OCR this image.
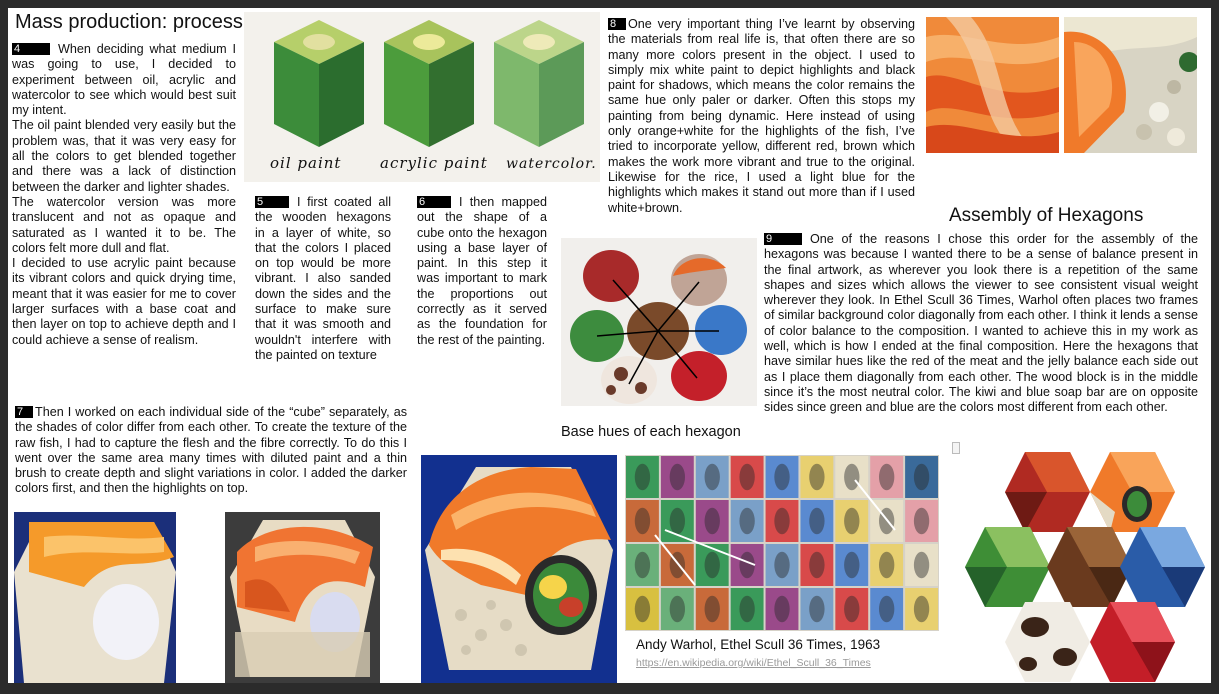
Mass production: process

4	When deciding what medium I was going to use, I decided to experiment between oil, acrylic and watercolor to see which would best suit my intent.

The oil paint blended very easily but the problem was, that it was very easy for all the colors to get blended together and there was a lack of distinction between the darker and lighter shades.

The watercolor version was more translucent and not as opaque and saturated as I wanted it to be. The colors felt more dull and flat.

I decided to use acrylic paint because its vibrant colors and quick drying time, meant that it was easier for me to cover larger surfaces with a base coat and then layer on top to achieve depth and I could achieve a sense of realism.

oil paint	acrylic paint watercolor.
5	I first coated all the wooden hexagons in a layer of white, so that the colors I placed on top would be more vibrant. I also sanded down the sides and the surface to make sure that it was smooth and wouldn't interfere with the painted on texture
6	I then mapped out the shape of a cube onto the hexagon using a base layer of paint. In this step it was important to mark the proportions out correctly as it served as the foundation for the rest of the painting.
8 One very important thing I’ve learnt by observing the materials from real life is, that often there are so many more colors present in the object. I used to simply mix white paint to depict highlights and black paint for shadows, which means the color remains the same hue only paler or darker. Often this stops my painting from being dynamic. Here instead of using only orange+white for the highlights of the fish, I’ve tried to incorporate yellow, different red, brown which makes the work more vibrant and true to the original. Likewise for the rice, I used a light blue for the highlights which makes it stand out more than if I used white+brown.	Assembly of Hexagons
Base hues of each hexagon
9	One of the reasons I chose this order for the assembly of the hexagons was because I wanted there to be a sense of balance present in the final artwork, as wherever you look there is a repetition of the same shapes and sizes which allows the viewer to see consistent visual weight wherever they look. In Ethel Scull 36 Times, Warhol often places two frames of similar background color diagonally from each other. I think it lends a sense of color balance to the composition. I wanted to achieve this in my work as well, which is how I ended at the final composition. Here the hexagons that have similar hues like the red of the meat and the jelly balance each side out as I place them diagonally from each other. The wood block is in the middle since it’s the most neutral color. The kiwi and blue soap bar are on opposite sides since green and blue are the colors most different from each other.
7 Then I worked on each individual side of the “cube” separately, as the shades of color differ from each other. To create the texture of the raw fish, I had to capture the flesh and the fibre correctly. To do this I went over the same area many times with diluted paint and a thin brush to create depth and slight variations in color. I added the darker colors first, and then the highlights on top.
Andy Warhol, Ethel Scull 36 Times, 1963
https://en.wikipedia.org/wiki/Ethel_Scull_36_Times
